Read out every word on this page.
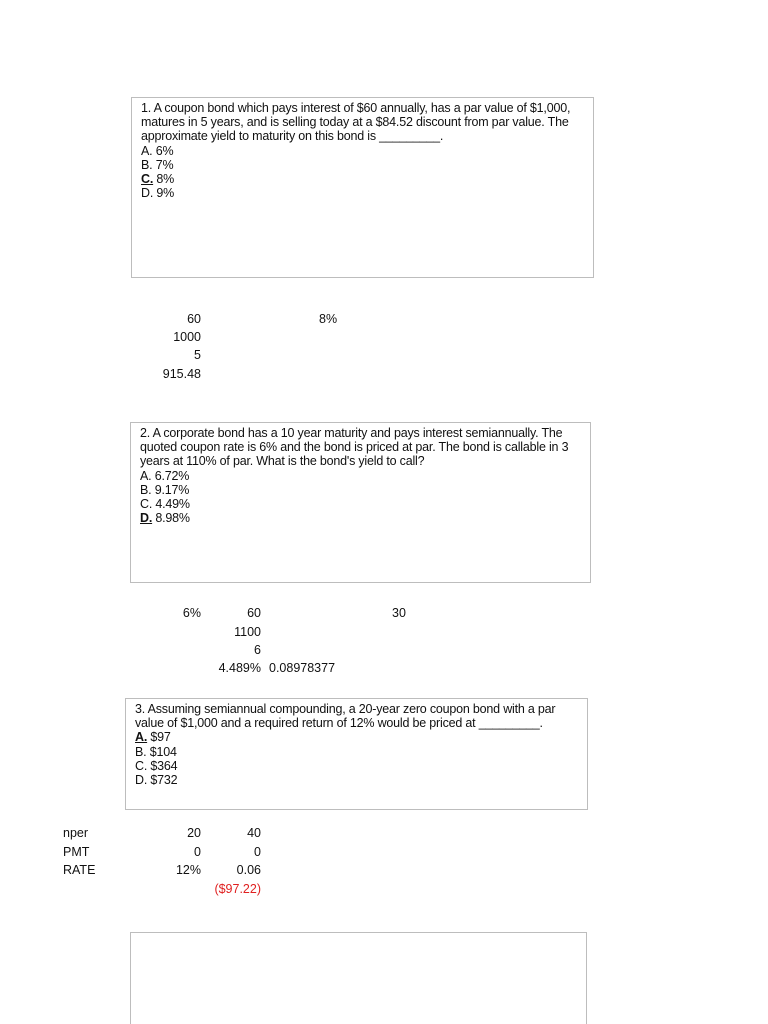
1. A coupon bond which pays interest of $60 annually, has a par value of $1,000, matures in 5 years, and is selling today at a $84.52 discount from par value. The approximate yield to maturity on this bond is _________.

A. 6%
B. 7%
C. 8%
D. 9%
60
1000
5
915.48
8%

2. A corporate bond has a 10 year maturity and pays interest semiannually. The quoted coupon rate is 6% and the bond is priced at par. The bond is callable in 3 years at 110% of par. What is the bond's yield to call?

A. 6.72%
B. 9.17%
C. 4.49%
D. 8.98%
6%	60
1100
6
4.489% 0.08978377
30

3. Assuming semiannual compounding, a 20-year zero coupon bond with a par value of $1,000 and a required return of 12% would be priced at _________.

A. $97
B. $104
C. $364
D. $732
nper
PMT
RATE
20
0
12%
40
0
0.06
($97.22)
